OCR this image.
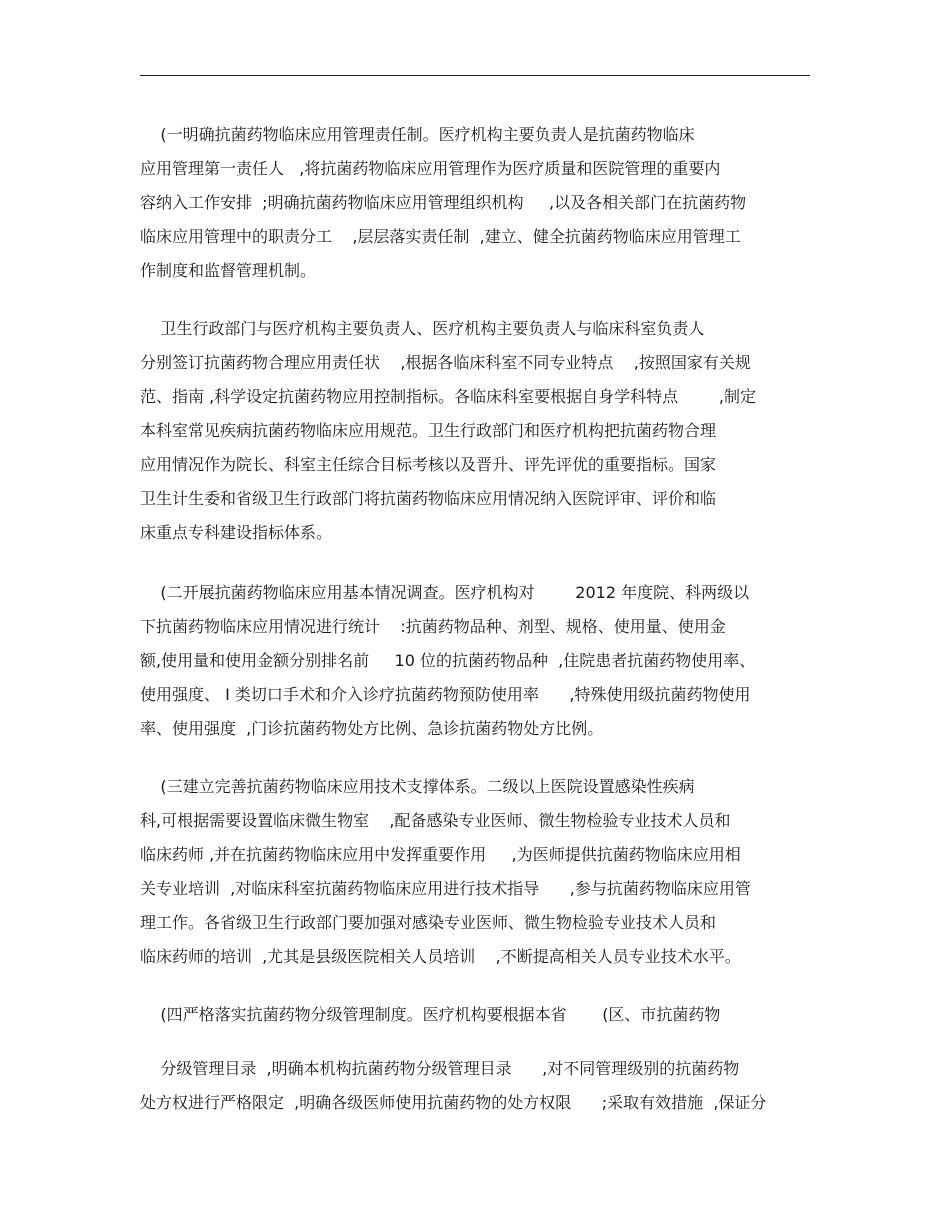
(一明确抗菌药物临床应用管理责任制。医疗机构主要负责人是抗菌药物临床
应用管理第一责任人   ,将抗菌药物临床应用管理作为医疗质量和医院管理的重要内
容纳入工作安排  ;明确抗菌药物临床应用管理组织机构     ,以及各相关部门在抗菌药物
临床应用管理中的职责分工    ,层层落实责任制  ,建立、健全抗菌药物临床应用管理工
作制度和监督管理机制。
卫生行政部门与医疗机构主要负责人、医疗机构主要负责人与临床科室负责人
分别签订抗菌药物合理应用责任状    ,根据各临床科室不同专业特点    ,按照国家有关规
范、指南 ,科学设定抗菌药物应用控制指标。各临床科室要根据自身学科特点        ,制定
本科室常见疾病抗菌药物临床应用规范。卫生行政部门和医疗机构把抗菌药物合理
应用情况作为院长、科室主任综合目标考核以及晋升、评先评优的重要指标。国家
卫生计生委和省级卫生行政部门将抗菌药物临床应用情况纳入医院评审、评价和临
床重点专科建设指标体系。
(二开展抗菌药物临床应用基本情况调查。医疗机构对        2012 年度院、科两级以
下抗菌药物临床应用情况进行统计    :抗菌药物品种、剂型、规格、使用量、使用金
额,使用量和使用金额分别排名前     10 位的抗菌药物品种  ,住院患者抗菌药物使用率、
使用强度、 I 类切口手术和介入诊疗抗菌药物预防使用率      ,特殊使用级抗菌药物使用
率、使用强度  ,门诊抗菌药物处方比例、急诊抗菌药物处方比例。
(三建立完善抗菌药物临床应用技术支撑体系。二级以上医院设置感染性疾病
科,可根据需要设置临床微生物室    ,配备感染专业医师、微生物检验专业技术人员和
临床药师 ,并在抗菌药物临床应用中发挥重要作用     ,为医师提供抗菌药物临床应用相
关专业培训  ,对临床科室抗菌药物临床应用进行技术指导      ,参与抗菌药物临床应用管
理工作。各省级卫生行政部门要加强对感染专业医师、微生物检验专业技术人员和
临床药师的培训  ,尤其是县级医院相关人员培训    ,不断提高相关人员专业技术水平。
(四严格落实抗菌药物分级管理制度。医疗机构要根据本省       (区、市抗菌药物
分级管理目录  ,明确本机构抗菌药物分级管理目录      ,对不同管理级别的抗菌药物
处方权进行严格限定  ,明确各级医师使用抗菌药物的处方权限      ;采取有效措施  ,保证分
